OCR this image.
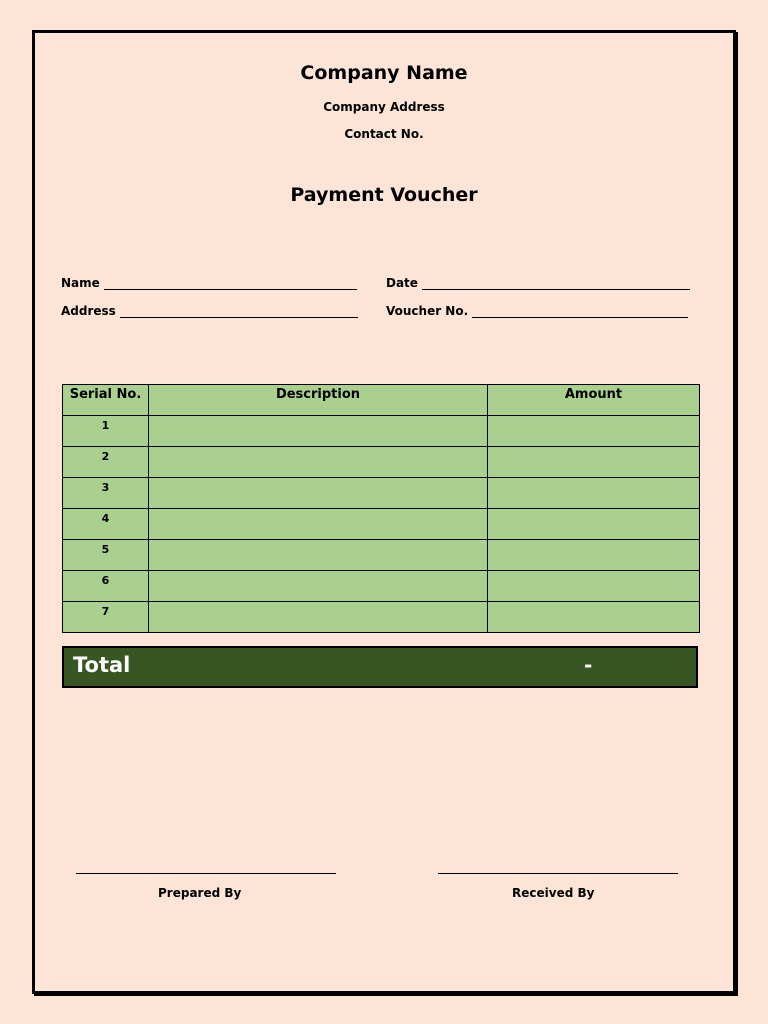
Company Name
Company Address
Contact No.
Payment Voucher
Name	Date
Address	Voucher No.
Serial No.	Description	Amount
1		
2		
3		
4		
5		
6		
7		
Total	-
Prepared By	Received By
